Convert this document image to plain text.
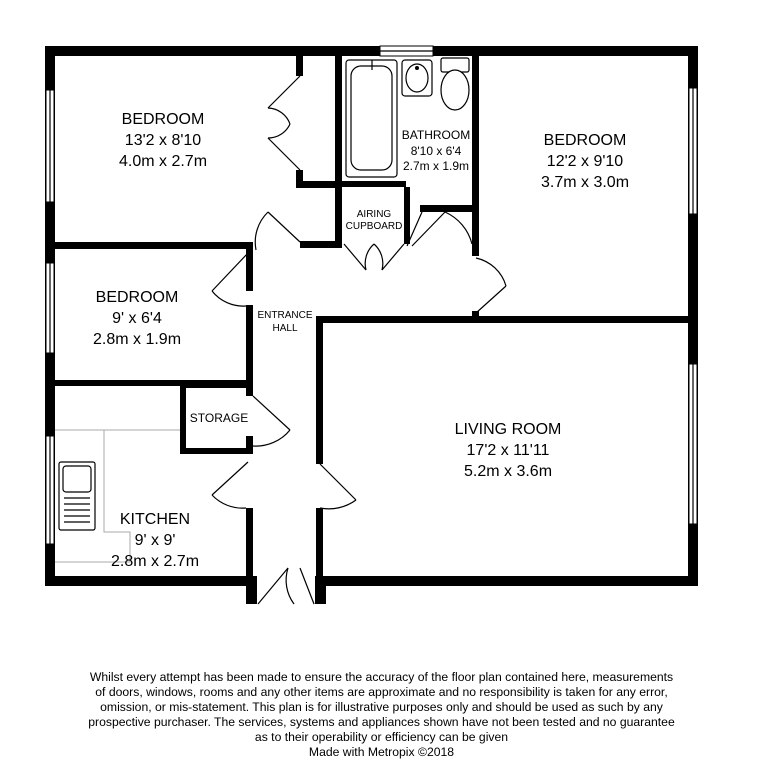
BEDROOM
13'2 x 8'10
4.0m x 2.7m
BEDROOM
12'2 x 9'10
3.7m x 3.0m
BEDROOM
9' x 6'4
2.8m x 1.9m
BATHROOM
8'10 x 6'4
2.7m x 1.9m
AIRING
CUPBOARD
ENTRANCE
HALL
STORAGE
LIVING ROOM
17'2 x 11'11
5.2m x 3.6m
KITCHEN
9' x 9'
2.8m x 2.7m
Whilst every attempt has been made to ensure the accuracy of the floor plan contained here, measurements
of doors, windows, rooms and any other items are approximate and no responsibility is taken for any error,
omission, or mis-statement. This plan is for illustrative purposes only and should be used as such by any
prospective purchaser. The services, systems and appliances shown have not been tested and no guarantee
as to their operability or efficiency can be given
Made with Metropix ©2018
